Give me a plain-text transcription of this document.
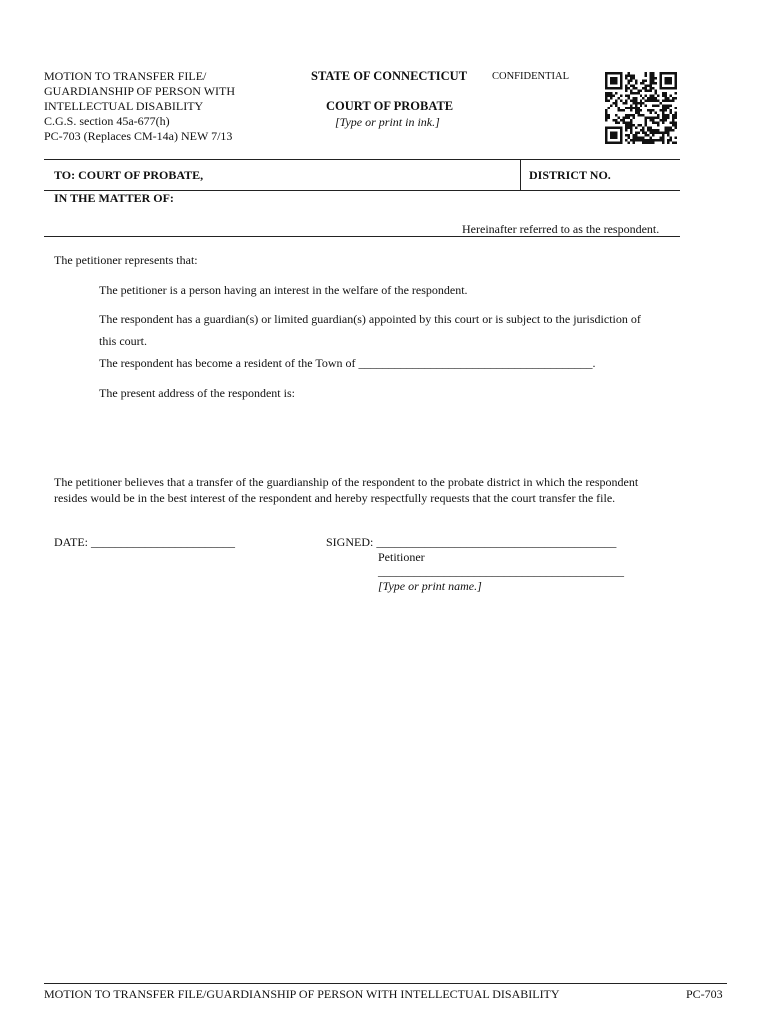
MOTION TO TRANSFER FILE/
GUARDIANSHIP OF PERSON WITH
INTELLECTUAL DISABILITY
C.G.S. section 45a-677(h)
PC-703 (Replaces CM-14a) NEW 7/13
STATE OF CONNECTICUT CONFIDENTIAL
COURT OF PROBATE
[Type or print in ink.]
TO: COURT OF PROBATE,	DISTRICT NO.
IN THE MATTER OF:
Hereinafter referred to as the respondent.
The petitioner represents that:
The petitioner is a person having an interest in the welfare of the respondent.
The respondent has a guardian(s) or limited guardian(s) appointed by this court or is subject to the jurisdiction of
this court.
The respondent has become a resident of the Town of _______________________________________.
The present address of the respondent is:
The petitioner believes that a transfer of the guardianship of the respondent to the probate district in which the respondent resides would be in the best interest of the respondent and hereby respectfully requests that the court transfer the file.
DATE: ________________________	SIGNED: ________________________________________
Petitioner
_________________________________________
[Type or print name.]
MOTION TO TRANSFER FILE/GUARDIANSHIP OF PERSON WITH INTELLECTUAL DISABILITY	PC-703
